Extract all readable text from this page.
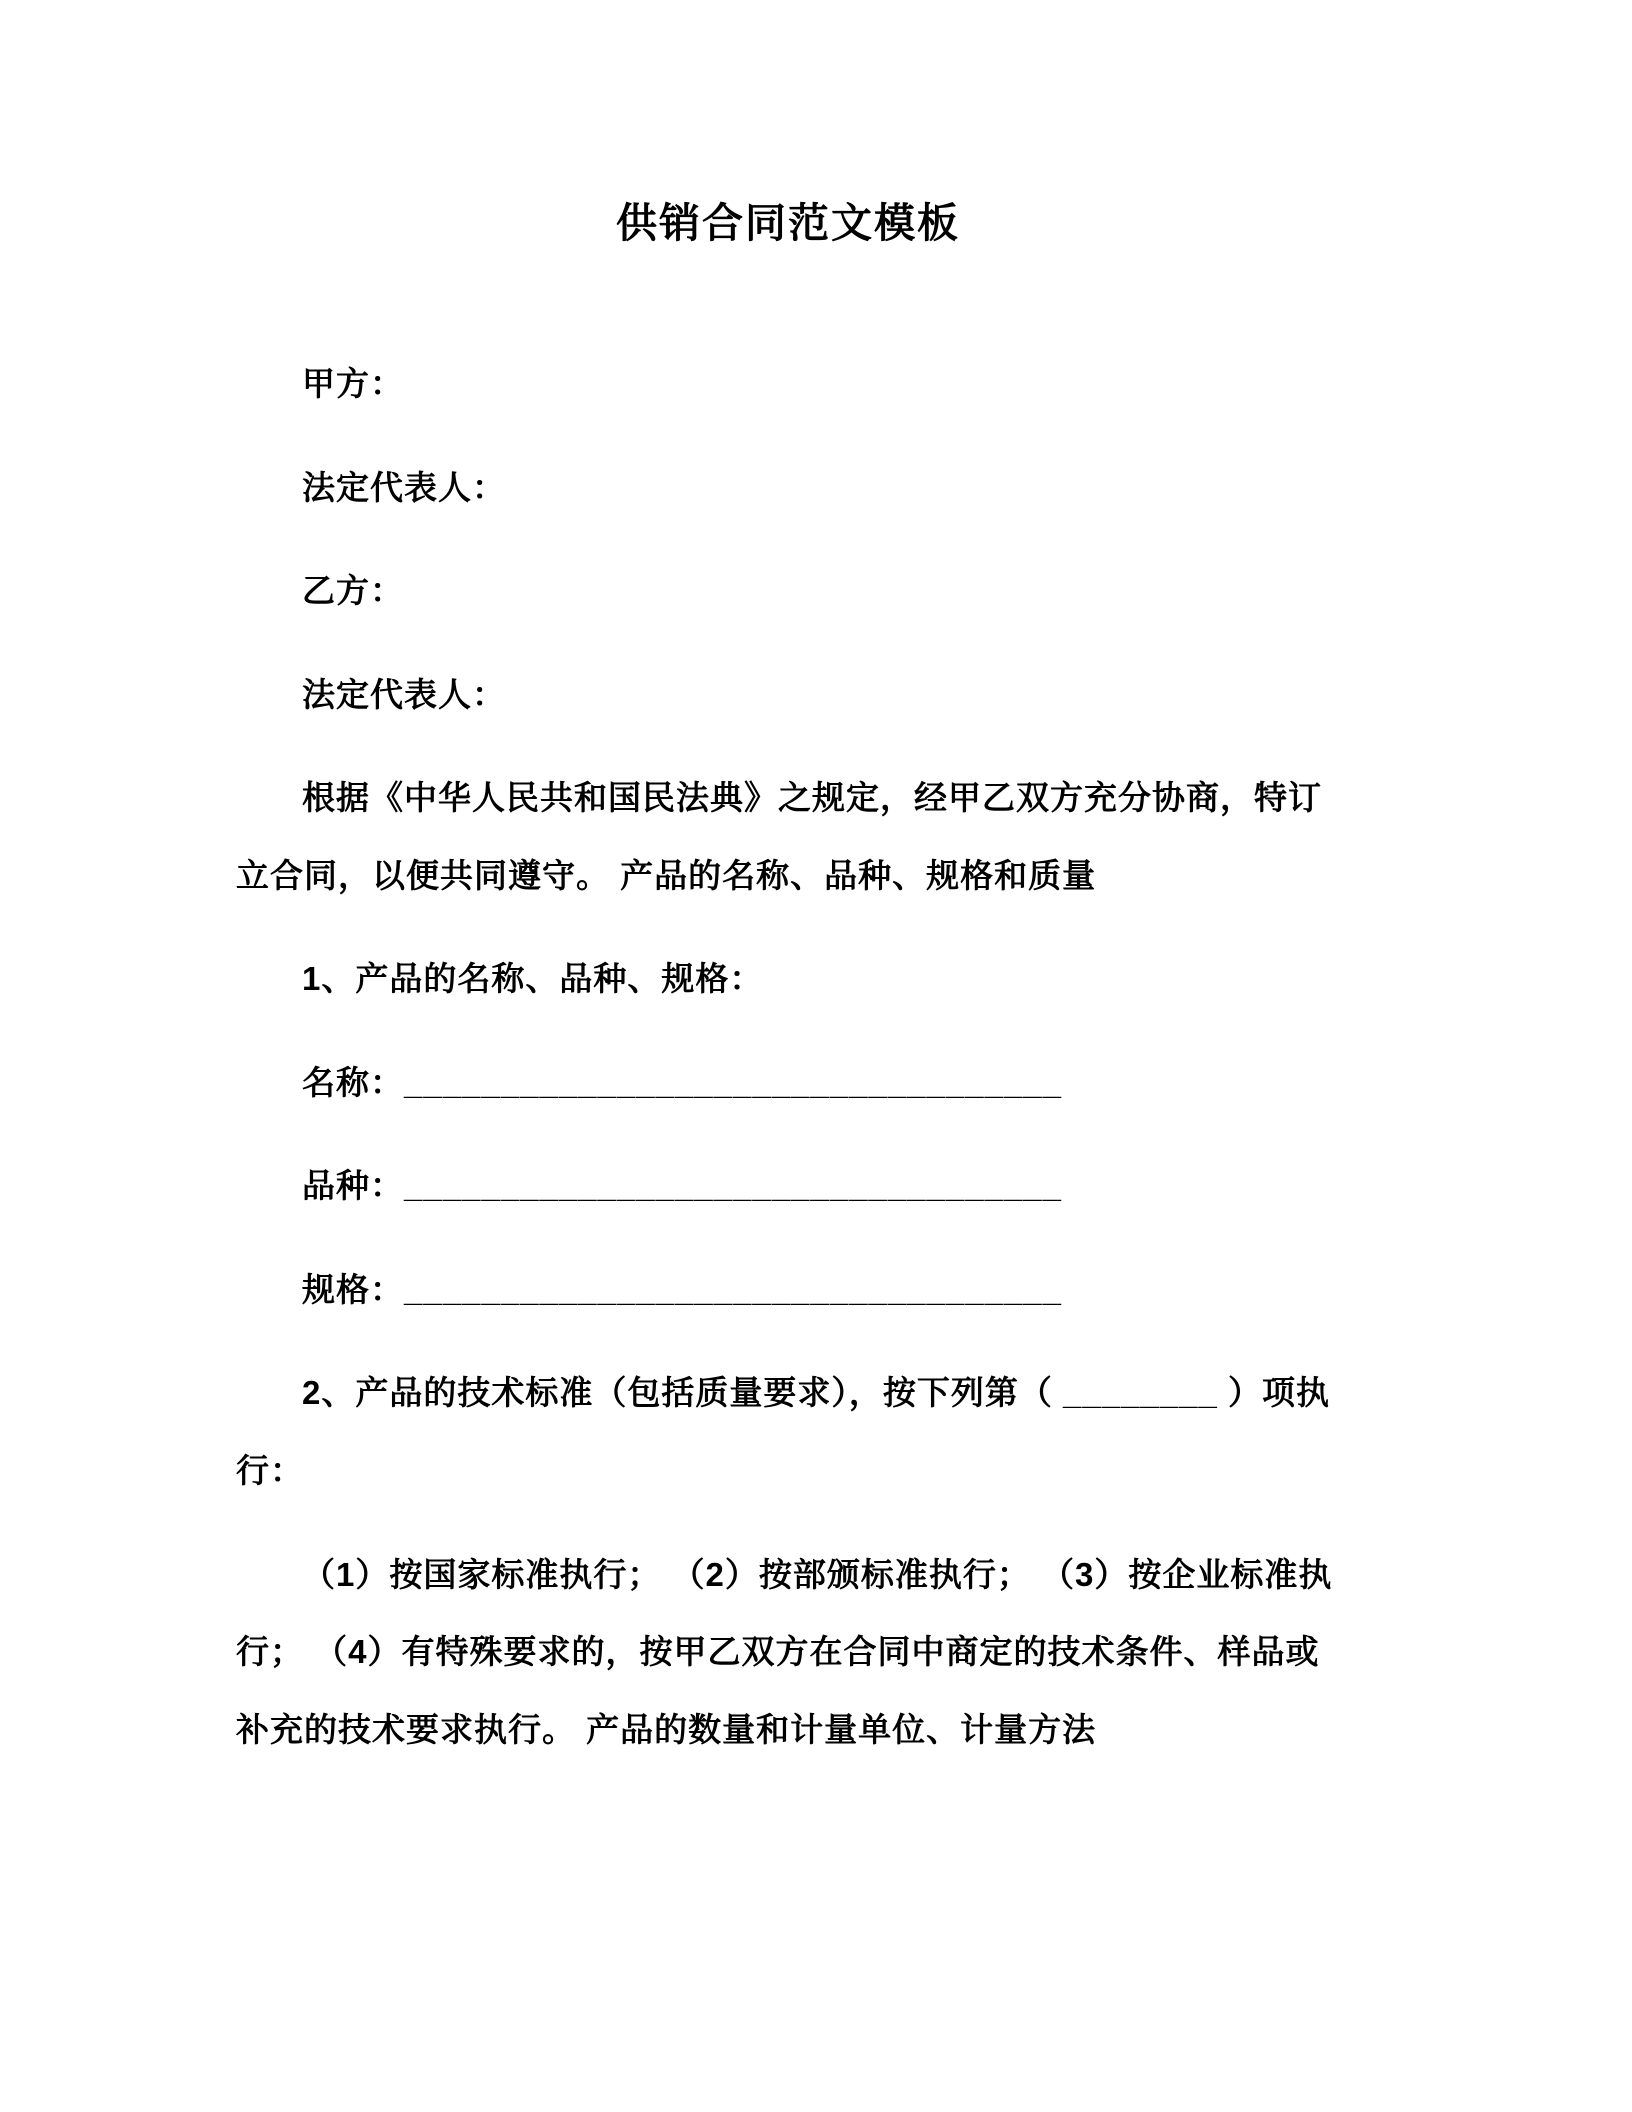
供销合同范文模板

甲方：

法定代表人：

乙方：

法定代表人：

根据《中华人民共和国民法典》之规定，经甲乙双方充分协商，特订立合同，以便共同遵守。 产品的名称、品种、规格和质量

1、产品的名称、品种、规格：

名称：__________________________________

品种：__________________________________

规格：__________________________________

2、产品的技术标准（包括质量要求），按下列第（ ________ ）项执行：

（1）按国家标准执行； （2）按部颁标准执行； （3）按企业标准执行； （4）有特殊要求的，按甲乙双方在合同中商定的技术条件、样品或补充的技术要求执行。 产品的数量和计量单位、计量方法
